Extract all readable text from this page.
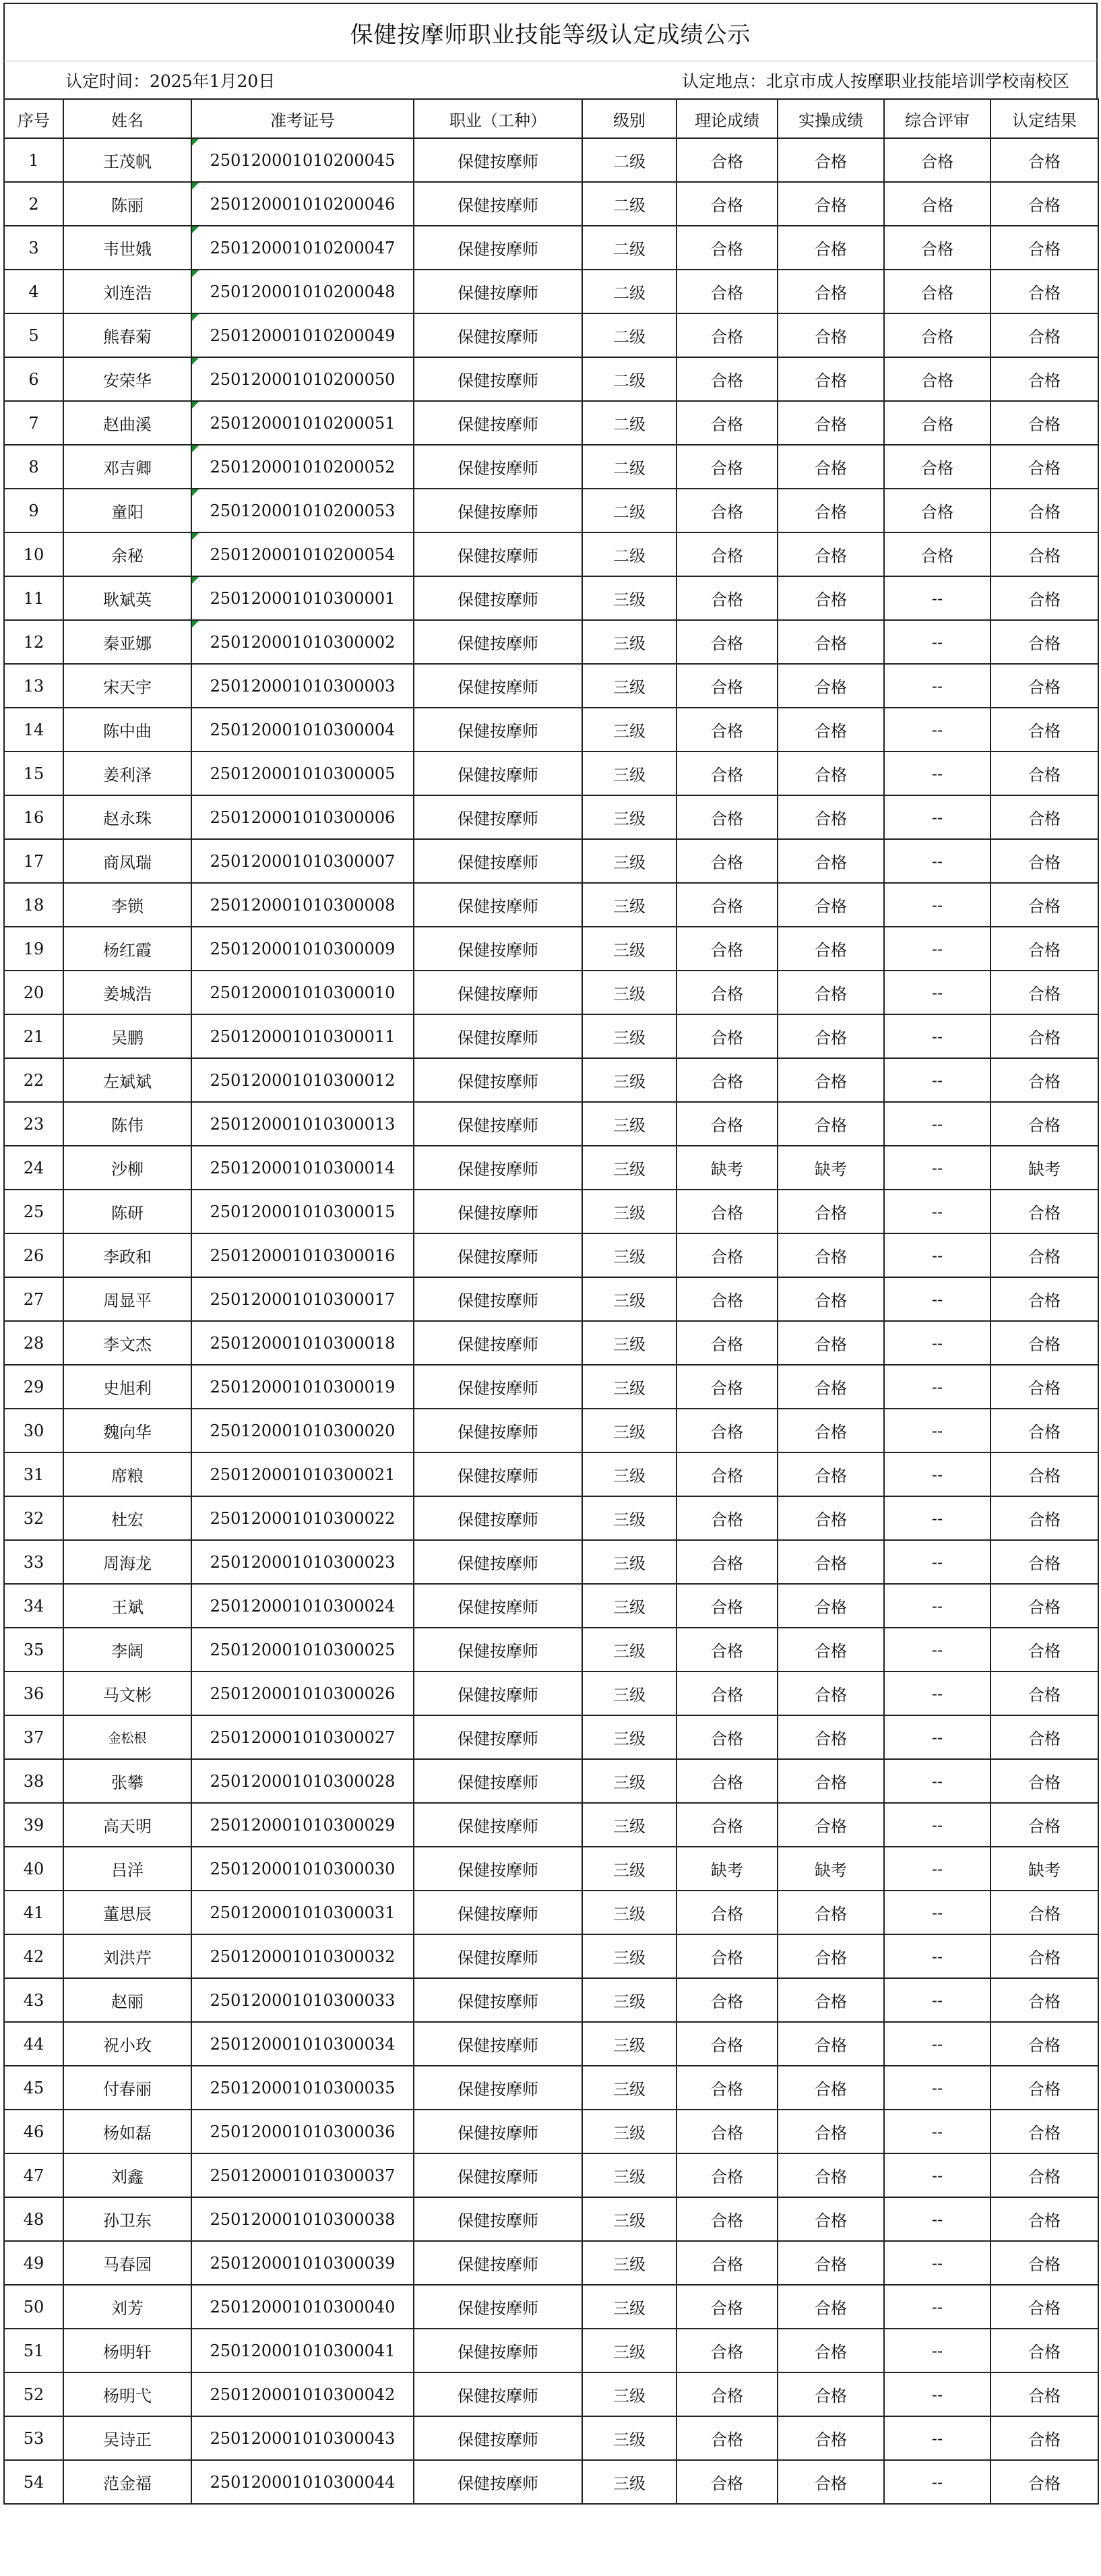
保健按摩师职业技能等级认定成绩公示
认定时间：2025年1月20日	认定地点：北京市成人按摩职业技能培训学校南校区
序号	姓名	准考证号	职业（工种）	级别	理论成绩	实操成绩	综合评审	认定结果
1	王茂帆	250120001010200045	保健按摩师	二级	合格	合格	合格	合格
2	陈丽	250120001010200046	保健按摩师	二级	合格	合格	合格	合格
3	韦世娥	250120001010200047	保健按摩师	二级	合格	合格	合格	合格
4	刘连浩	250120001010200048	保健按摩师	二级	合格	合格	合格	合格
5	熊春菊	250120001010200049	保健按摩师	二级	合格	合格	合格	合格
6	安荣华	250120001010200050	保健按摩师	二级	合格	合格	合格	合格
7	赵曲溪	250120001010200051	保健按摩师	二级	合格	合格	合格	合格
8	邓吉卿	250120001010200052	保健按摩师	二级	合格	合格	合格	合格
9	童阳	250120001010200053	保健按摩师	二级	合格	合格	合格	合格
10	余秘	250120001010200054	保健按摩师	二级	合格	合格	合格	合格
11	耿斌英	250120001010300001	保健按摩师	三级	合格	合格	--	合格
12	秦亚娜	250120001010300002	保健按摩师	三级	合格	合格	--	合格
13	宋天宇	250120001010300003	保健按摩师	三级	合格	合格	--	合格
14	陈中曲	250120001010300004	保健按摩师	三级	合格	合格	--	合格
15	姜利泽	250120001010300005	保健按摩师	三级	合格	合格	--	合格
16	赵永珠	250120001010300006	保健按摩师	三级	合格	合格	--	合格
17	商凤瑞	250120001010300007	保健按摩师	三级	合格	合格	--	合格
18	李锁	250120001010300008	保健按摩师	三级	合格	合格	--	合格
19	杨红霞	250120001010300009	保健按摩师	三级	合格	合格	--	合格
20	姜城浩	250120001010300010	保健按摩师	三级	合格	合格	--	合格
21	吴鹏	250120001010300011	保健按摩师	三级	合格	合格	--	合格
22	左斌斌	250120001010300012	保健按摩师	三级	合格	合格	--	合格
23	陈伟	250120001010300013	保健按摩师	三级	合格	合格	--	合格
24	沙柳	250120001010300014	保健按摩师	三级	缺考	缺考	--	缺考
25	陈研	250120001010300015	保健按摩师	三级	合格	合格	--	合格
26	李政和	250120001010300016	保健按摩师	三级	合格	合格	--	合格
27	周显平	250120001010300017	保健按摩师	三级	合格	合格	--	合格
28	李文杰	250120001010300018	保健按摩师	三级	合格	合格	--	合格
29	史旭利	250120001010300019	保健按摩师	三级	合格	合格	--	合格
30	魏向华	250120001010300020	保健按摩师	三级	合格	合格	--	合格
31	席粮	250120001010300021	保健按摩师	三级	合格	合格	--	合格
32	杜宏	250120001010300022	保健按摩师	三级	合格	合格	--	合格
33	周海龙	250120001010300023	保健按摩师	三级	合格	合格	--	合格
34	王斌	250120001010300024	保健按摩师	三级	合格	合格	--	合格
35	李阔	250120001010300025	保健按摩师	三级	合格	合格	--	合格
36	马文彬	250120001010300026	保健按摩师	三级	合格	合格	--	合格
37	金松根	250120001010300027	保健按摩师	三级	合格	合格	--	合格
38	张攀	250120001010300028	保健按摩师	三级	合格	合格	--	合格
39	高天明	250120001010300029	保健按摩师	三级	合格	合格	--	合格
40	吕洋	250120001010300030	保健按摩师	三级	缺考	缺考	--	缺考
41	董思辰	250120001010300031	保健按摩师	三级	合格	合格	--	合格
42	刘洪芹	250120001010300032	保健按摩师	三级	合格	合格	--	合格
43	赵丽	250120001010300033	保健按摩师	三级	合格	合格	--	合格
44	祝小玫	250120001010300034	保健按摩师	三级	合格	合格	--	合格
45	付春丽	250120001010300035	保健按摩师	三级	合格	合格	--	合格
46	杨如磊	250120001010300036	保健按摩师	三级	合格	合格	--	合格
47	刘鑫	250120001010300037	保健按摩师	三级	合格	合格	--	合格
48	孙卫东	250120001010300038	保健按摩师	三级	合格	合格	--	合格
49	马春园	250120001010300039	保健按摩师	三级	合格	合格	--	合格
50	刘芳	250120001010300040	保健按摩师	三级	合格	合格	--	合格
51	杨明轩	250120001010300041	保健按摩师	三级	合格	合格	--	合格
52	杨明弋	250120001010300042	保健按摩师	三级	合格	合格	--	合格
53	吴诗正	250120001010300043	保健按摩师	三级	合格	合格	--	合格
54	范金福	250120001010300044	保健按摩师	三级	合格	合格	--	合格
